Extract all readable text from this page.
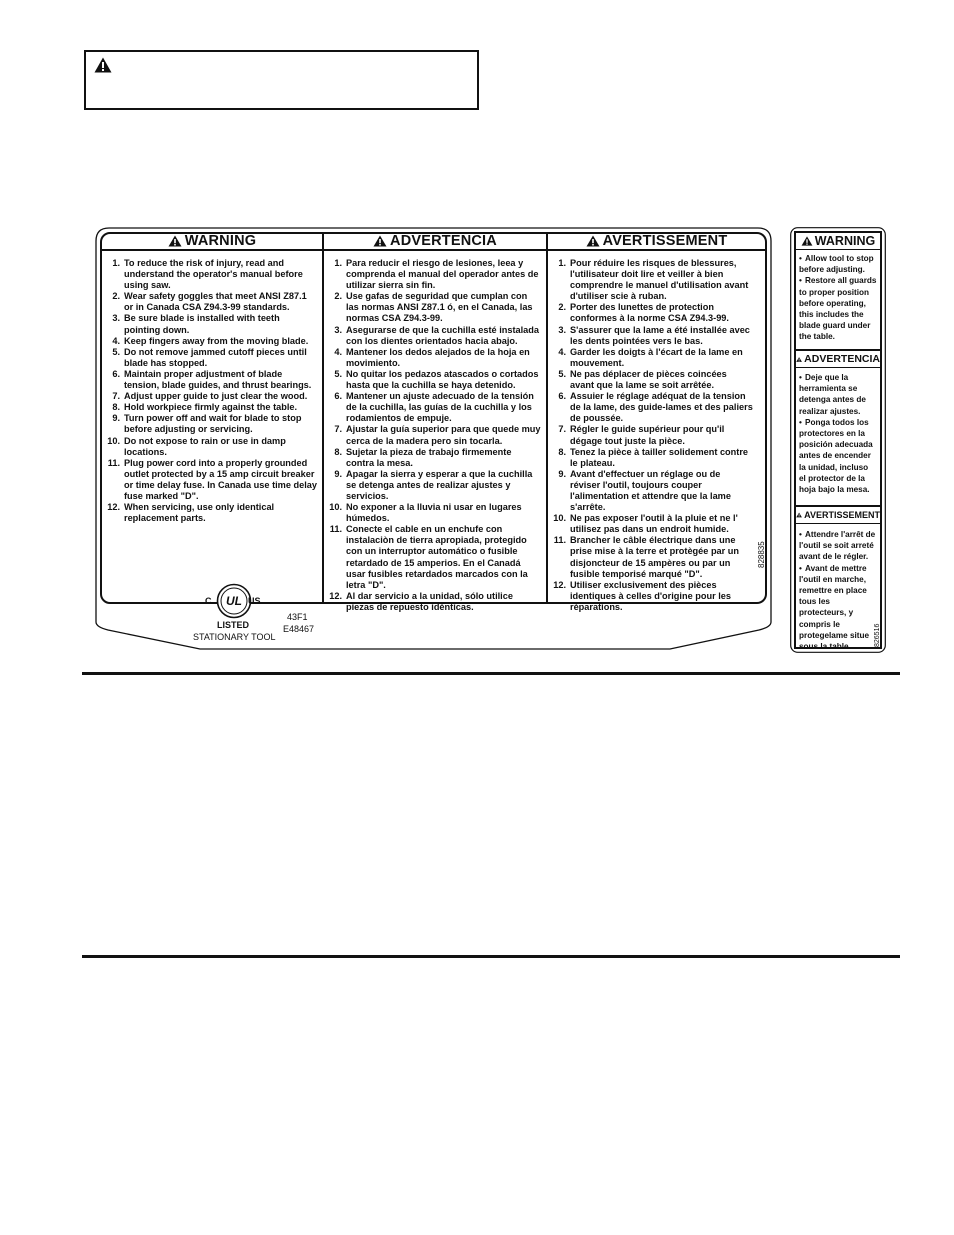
WARNING
1. To reduce the risk of injury, read and understand the operator's manual before using saw.
2. Wear safety goggles that meet ANSI Z87.1 or in Canada CSA Z94.3-99 standards.
3. Be sure blade is installed with teeth pointing down.
4. Keep fingers away from the moving blade.
5. Do not remove jammed cutoff pieces until blade has stopped.
6. Maintain proper adjustment of blade tension, blade guides, and thrust bearings.
7. Adjust upper guide to just clear the wood.
8. Hold workpiece firmly against the table.
9. Turn power off and wait for blade to stop before adjusting or servicing.
10. Do not expose to rain or use in damp locations.
11. Plug power cord into a properly grounded outlet protected by a 15 amp circuit breaker or time delay fuse. In Canada use time delay fuse marked "D".
12. When servicing, use only identical replacement parts.
ADVERTENCIA
1. Para reducir el riesgo de lesiones, leea y comprenda el manual del operador antes de utilizar sierra sin fin.
2. Use gafas de seguridad que cumplan con las normas ANSI Z87.1 ó, en el Canada, las normas CSA Z94.3-99.
3. Asegurarse de que la cuchilla esté instalada con los dientes orientados hacia abajo.
4. Mantener los dedos alejados de la hoja en movimiento.
5. No quitar los pedazos atascados o cortados hasta que la cuchilla se haya detenido.
6. Mantener un ajuste adecuado de la tensión de la cuchilla, las guías de la cuchilla y los rodamientos de empuje.
7. Ajustar la guía superior para que quede muy cerca de la madera pero sin tocarla.
8. Sujetar la pieza de trabajo firmemente contra la mesa.
9. Apagar la sierra y esperar a que la cuchilla se detenga antes de realizar ajustes y servicios.
10. No exponer a la lluvia ni usar en lugares húmedos.
11. Conecte el cable en un enchufe con instalaciòn de tierra apropiada, protegido con un interruptor automático o fusible retardado de 15 amperios. En el Canadá usar fusibles retardados marcados con la letra "D".
12. Al dar servicio a la unidad, sólo utilice piezas de repuesto idénticas.
AVERTISSEMENT
1. Pour réduire les risques de blessures, l'utilisateur doit lire et veiller à bien comprendre le manuel d'utilisation avant d'utiliser scie à ruban.
2. Porter des lunettes de protection conformes à la norme CSA Z94.3-99.
3. S'assurer que la lame a été installée avec les dents pointées vers le bas.
4. Garder les doigts à l'écart de la lame en mouvement.
5. Ne pas déplacer de pièces coincées avant que la lame se soit arrêtée.
6. Assuier le réglage adéquat de la tension de la lame, des guide-lames et des paliers de poussée.
7. Régler le guide supérieur pour qu'il dégage tout juste la pièce.
8. Tenez la pièce à tailler solidement contre le plateau.
9. Avant d'effectuer un réglage ou de réviser l'outil, toujours couper l'alimentation et attendre que la lame s'arrête.
10. Ne pas exposer l'outil à la pluie et ne l' utilisez pas dans un endroit humide.
11. Brancher le câble électrique dans une prise mise à la terre et protègée par un disjoncteur de 15 ampères ou par un fusible temporisé marqué "D".
12. Utiliser exclusivement des pièces identiques à celles d'origine pour les réparations.
828835
C UL US
LISTED
STATIONARY TOOL
43F1
E48467
WARNING

• Allow tool to stop before adjusting.

• Restore all guards to proper position before operating, this includes the blade guard under the table.

ADVERTENCIA

• Deje que la herramienta se detenga antes de realizar ajustes.

• Ponga todos los protectores en la posición adecuada antes de encender la unidad, incluso el protector de la hoja bajo la mesa.

AVERTISSEMENT

• Attendre l'arrêt de l'outil se soit arreté avant de le régler.

• Avant de mettre l'outil en marche, remettre en place tous les protecteurs, y compris le protegelame situe sous la table.	826516
